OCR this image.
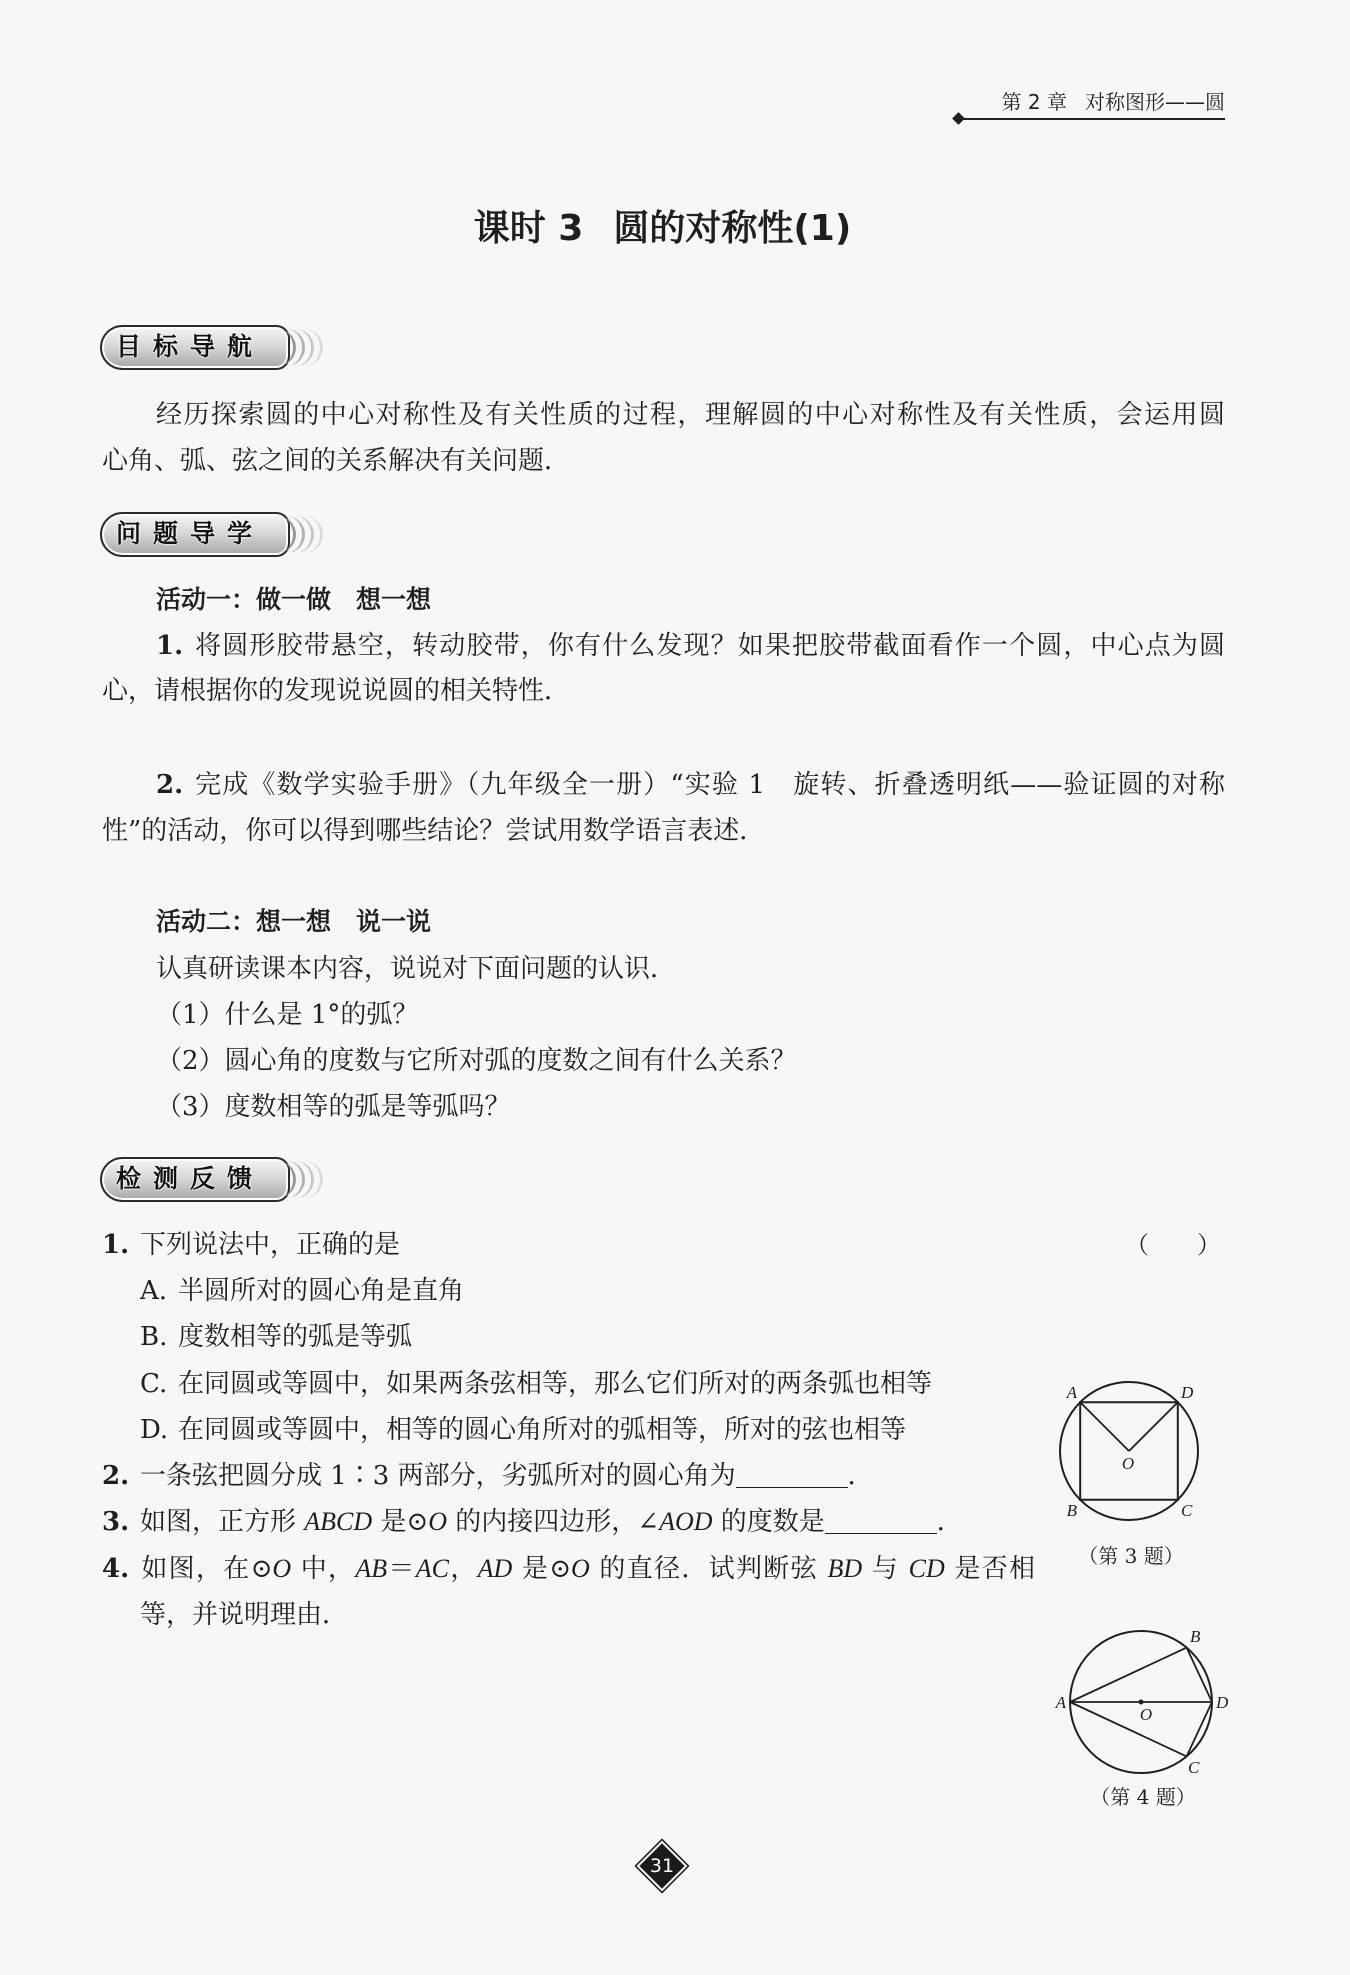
第 2 章 对称图形——圆
课时 3 圆的对称性(1)
目标导航
经历探索圆的中心对称性及有关性质的过程，理解圆的中心对称性及有关性质，会运用圆
心角、弧、弦之间的关系解决有关问题．
问题导学
活动一：做一做　想一想
1. 将圆形胶带悬空，转动胶带，你有什么发现？如果把胶带截面看作一个圆，中心点为圆
心，请根据你的发现说说圆的相关特性．
2. 完成《数学实验手册》（九年级全一册）“实验 1　旋转、折叠透明纸——验证圆的对称
性”的活动，你可以得到哪些结论？尝试用数学语言表述．
活动二：想一想　说一说
认真研读课本内容，说说对下面问题的认识．
（1）什么是 1°的弧？
（2）圆心角的度数与它所对弧的度数之间有什么关系？
（3）度数相等的弧是等弧吗？
检测反馈
1. 下列说法中，正确的是	（　　）
A. 半圆所对的圆心角是直角
B. 度数相等的弧是等弧
C. 在同圆或等圆中，如果两条弦相等，那么它们所对的两条弧也相等
D. 在同圆或等圆中，相等的圆心角所对的弧相等，所对的弦也相等
2. 一条弦把圆分成 1∶3 两部分，劣弧所对的圆心角为	．
3. 如图，正方形 ABCD 是⊙O 的内接四边形，∠AOD 的度数是	．
4. 如图，在⊙O 中，AB＝AC，AD 是⊙O 的直径．试判断弦 BD 与 CD 是否相
等，并说明理由．
A	D
B	C
O
（第 3 题）
A
B
C
D
O
（第 4 题）
31
